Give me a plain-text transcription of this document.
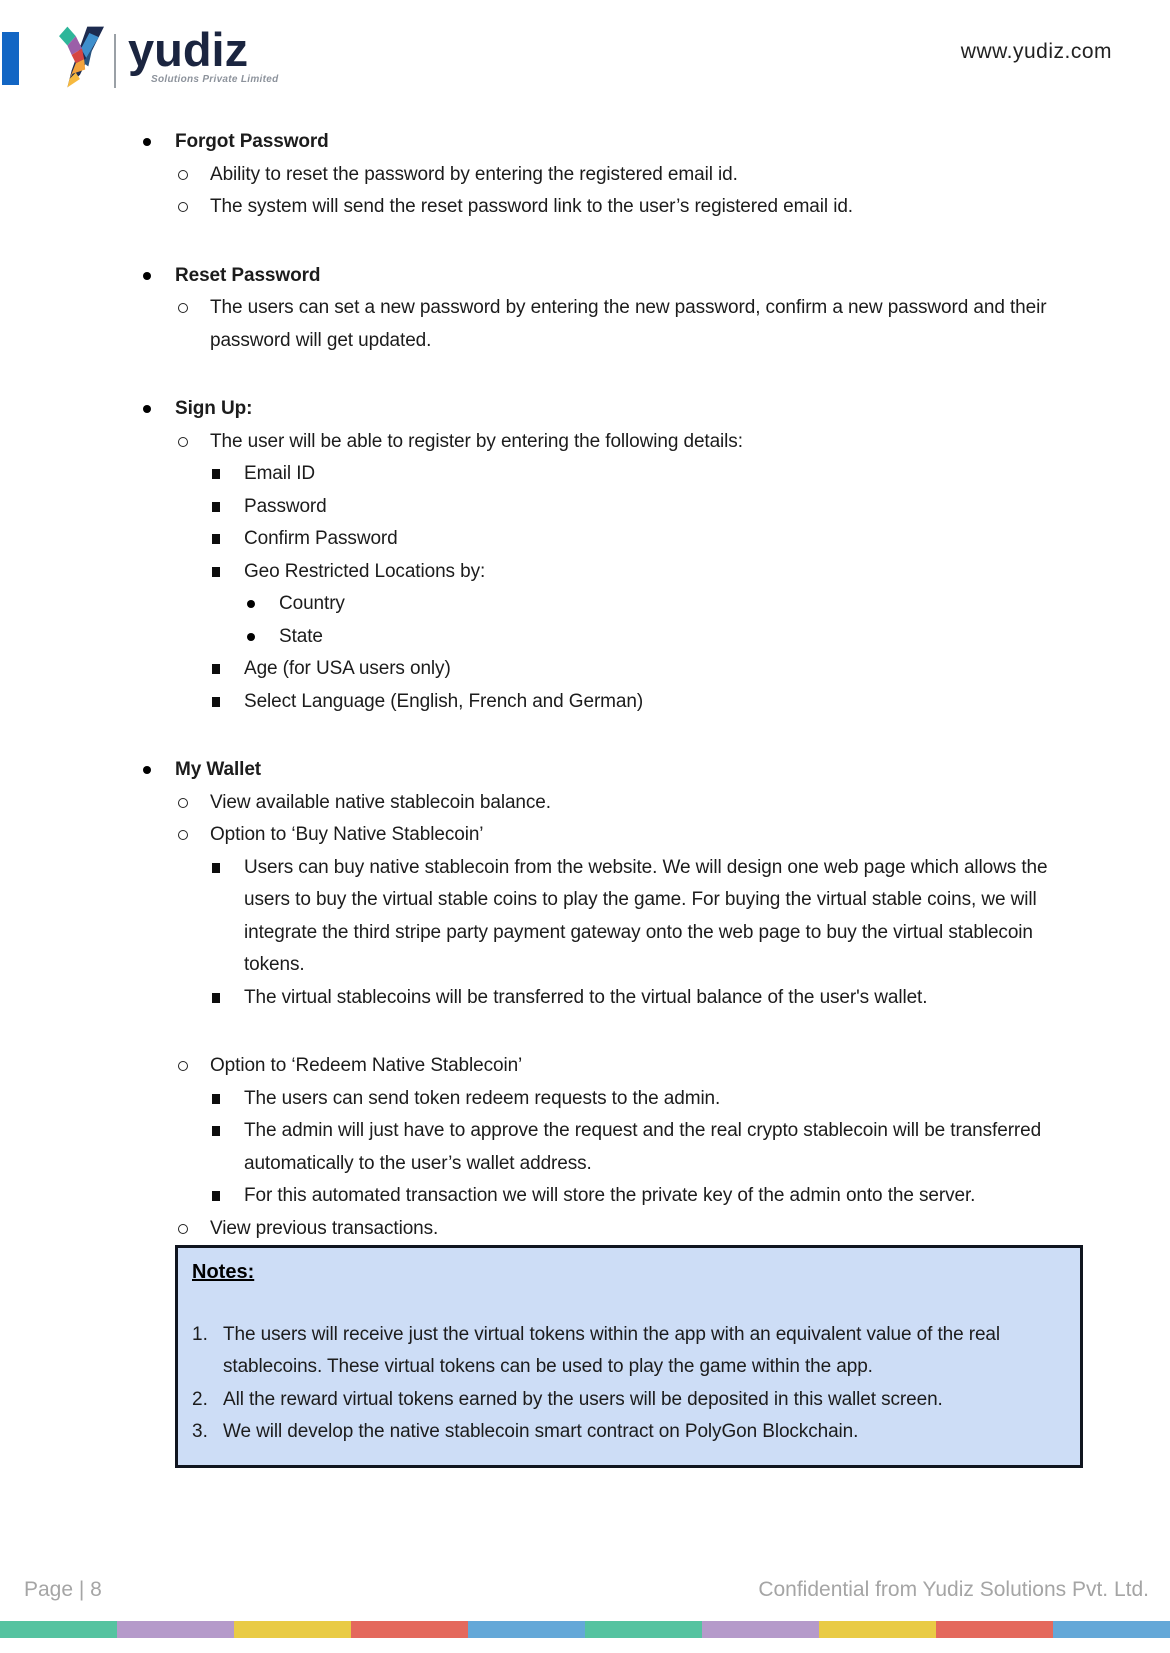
yudiz
Solutions Private Limited
www.yudiz.com
Forgot Password
Ability to reset the password by entering the registered email id.
The system will send the reset password link to the user’s registered email id.
Reset Password
The users can set a new password by entering the new password, confirm a new password and their password will get updated.
Sign Up:
The user will be able to register by entering the following details:
Email ID
Password
Confirm Password
Geo Restricted Locations by:
Country
State
Age (for USA users only)
Select Language (English, French and German)
My Wallet
View available native stablecoin balance.
Option to ‘Buy Native Stablecoin’
Users can buy native stablecoin from the website. We will design one web page which allows the users to buy the virtual stable coins to play the game. For buying the virtual stable coins, we will integrate the third stripe party payment gateway onto the web page to buy the virtual stablecoin tokens.
The virtual stablecoins will be transferred to the virtual balance of the user's wallet.
Option to ‘Redeem Native Stablecoin’
The users can send token redeem requests to the admin.
The admin will just have to approve the request and the real crypto stablecoin will be transferred automatically to the user’s wallet address.
For this automated transaction we will store the private key of the admin onto the server.
View previous transactions.
Notes:
1. The users will receive just the virtual tokens within the app with an equivalent value of the real stablecoins. These virtual tokens can be used to play the game within the app.
2. All the reward virtual tokens earned by the users will be deposited in this wallet screen.
3. We will develop the native stablecoin smart contract on PolyGon Blockchain.
Page | 8	Confidential from Yudiz Solutions Pvt. Ltd.
